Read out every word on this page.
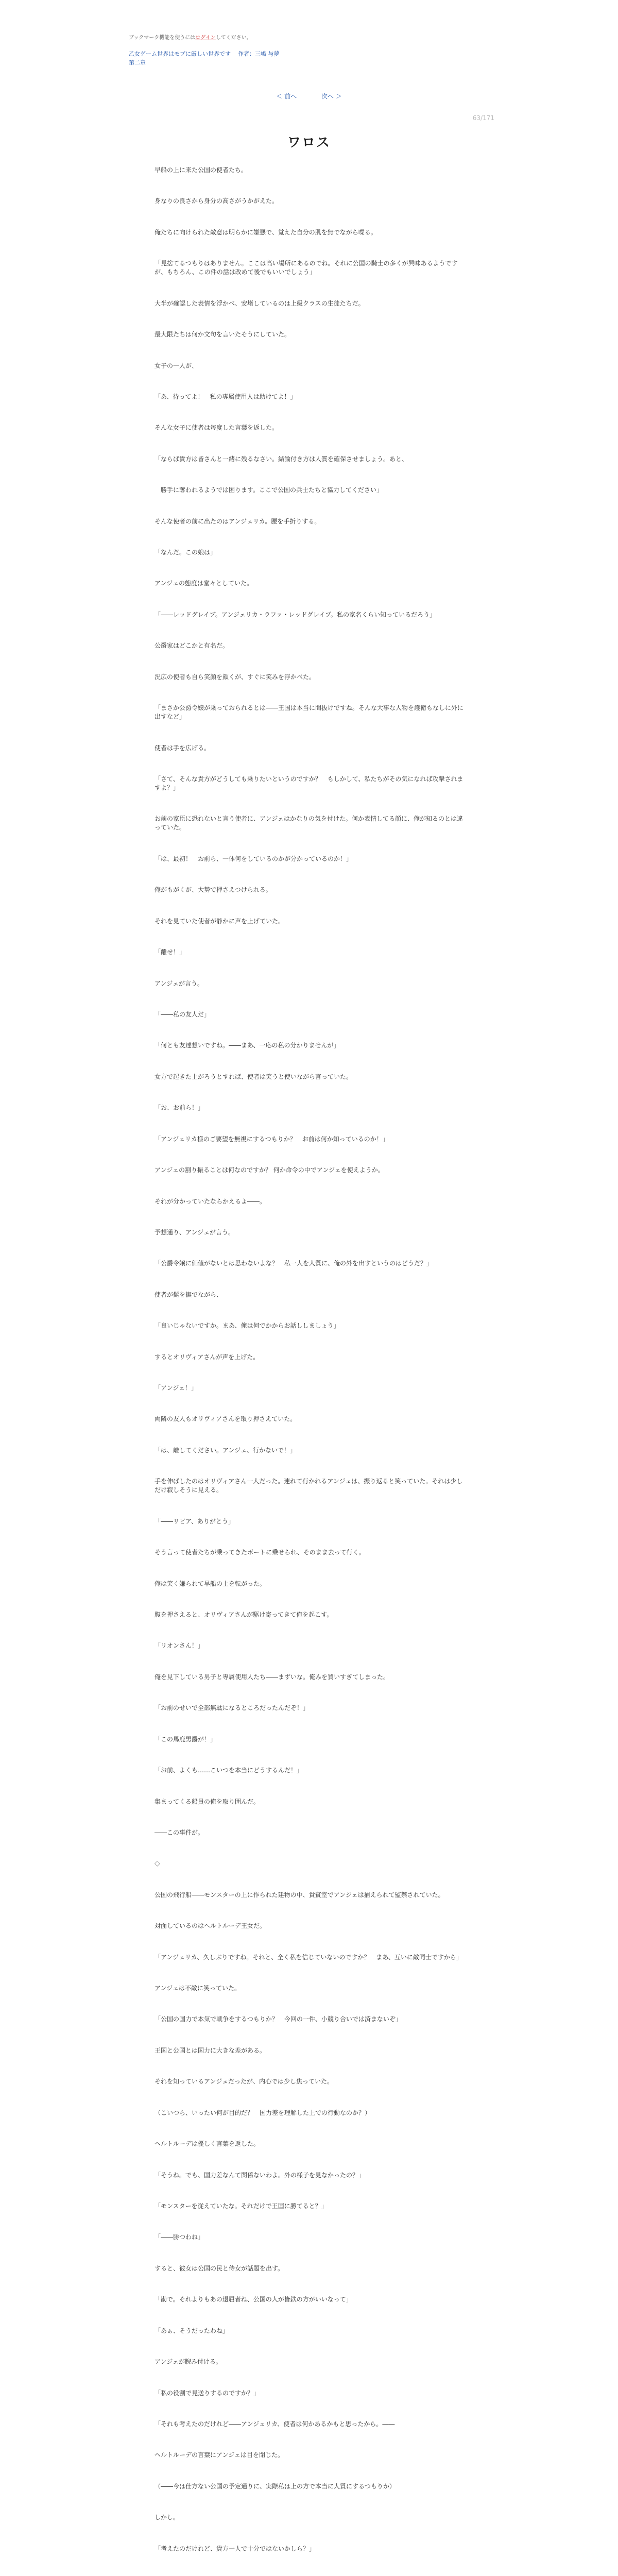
ブックマーク機能を使うにはログインしてください。
乙女ゲーム世界はモブに厳しい世界です 作者：三嶋 与夢
第二章
＜ 前へ	次へ ＞
63/171
ワロス

早船の上に来た公国の使者たち。

身なりの良さから身分の高さがうかがえた。

俺たちに向けられた敵意は明らかに嫌悪で、覚えた自分の肌を無でながら喋る。

「見捨てるつもりはありません。ここは高い場所にあるのでね。それに公国の騎士の多くが興味あるようですが、もちろん、この件の話は改めて後でもいいでしょう」

大半が確認した表情を浮かべ、安堵しているのは上級クラスの生徒たちだ。

最大限たちは何か文句を言いたそうにしていた。

女子の一人が、

「あ、待ってよ！　私の専属使用人は助けてよ！」

そんな女子に使者は毎度した言葉を返した。

「ならば貴方は皆さんと一緒に残るなさい。結論付き方は人質を確保させましょう。あと、

　勝手に奪われるようでは困ります。ここで公国の兵士たちと協力してください」

そんな使者の前に出たのはアンジェリカ。腰を手折りする。

「なんだ。この娘は」

アンジェの態度は堂々としていた。

「――レッドグレイブ。アンジェリカ・ラファ・レッドグレイブ。私の家名くらい知っているだろう」

公爵家はどこかと有名だ。

況広の使者も自ら笑顔を顔くが、すぐに笑みを浮かべた。

「まさか公爵令嬢が乗っておられるとは――王国は本当に間抜けですね。そんな大事な人物を護衛もなしに外に出すなど」

使者は手を広げる。

「さて、そんな貴方がどうしても乗りたいというのですか？　もしかして、私たちがその気になれば攻撃されますよ？」

お前の家臣に恐れないと言う使者に、アンジェはかなりの気を付けた。何か表情してる顔に、俺が知るのとは違っていた。

「は、最初！　お前ら、一体何をしているのかが分かっているのか！」

俺がもがくが、大勢で押さえつけられる。

それを見ていた使者が静かに声を上げていた。

「離せ！」

アンジェが言う。

「――私の友人だ」

「何とも友達想いですね。――まあ、一応の私の分かりませんが」

女方で起きた上がろうとすれば、使者は笑うと使いながら言っていた。

「お、お前ら！」

「アンジェリカ様のご要望を無視にするつもりか？　お前は何か知っているのか！」

アンジェの割り振ることは何なのですか？ 何か命令の中でアンジェを使えようか。

それが分かっていたならかえるよ――。

予想通り、アンジェが言う。

「公爵令嬢に価値がないとは思わないよな？　私一人を人質に、俺の外を出すというのはどうだ？」

使者が髭を撫でながら、

「良いじゃないですか。まあ、俺は何でかからお話ししましょう」

するとオリヴィアさんが声を上げた。

「アンジェ！」

両隣の友人もオリヴィアさんを取り押さえていた。

「は、離してください。アンジェ、行かないで！」

手を伸ばしたのはオリヴィアさん一人だった。連れて行かれるアンジェは、振り返ると笑っていた。それは少しだけ寂しそうに見える。

「――リビア、ありがとう」

そう言って使者たちが乗ってきたボートに乗せられ、そのまま去って行く。

俺は笑く嫌られて早船の上を転がった。

腹を押さえると、オリヴィアさんが駆け寄ってきて俺を起こす。

「リオンさん！」

俺を見下している男子と専属使用人たち――まずいな。俺みを買いすぎてしまった。

「お前のせいで全部無駄になるところだったんだぞ！」

「この馬鹿男爵が！」

「お前、よくも……こいつを本当にどうするんだ！」

集まってくる船員の俺を取り囲んだ。

――この事件が。

◇

公国の飛行船――モンスターの上に作られた建物の中、貴賓室でアンジェは捕えられて監禁されていた。

対面しているのはヘルトルーデ王女だ。

「アンジェリカ、久しぶりですね。それと、全く私を信じていないのですか？　まあ、互いに敵同士ですから」

アンジェは不敵に笑っていた。

「公国の国力で本気で戦争をするつもりか？　今回の一件、小競り合いでは済まないぞ」

王国と公国とは国力に大きな差がある。

それを知っているアンジェだったが、内心では少し焦っていた。

（こいつら、いったい何が目的だ？　国力差を理解した上での行動なのか？）

ヘルトルーデは優しく言葉を返した。

「そうね。でも、国力差なんて関係ないわよ。外の様子を見なかったの？」

「モンスターを従えていたな。それだけで王国に勝てると？」

「――勝つわね」

すると、彼女は公国の民と侍女が話題を出す。

「勘で。それよりもあの退屈者ね、公国の人が皆鉄の方がいいなって」

「あぁ、そうだったわね」

アンジェが睨み付ける。

「私の役割で見送りするのですか？」

「それも考えたのだけれど――アンジェリカ、使者は何かあるかもと思ったから。――

ヘルトルーデの言葉にアンジェは目を閉じた。

（――今は仕方ない公国の予定通りに、実際私は上の方で本当に人質にするつもりか）

しかし。

「考えたのだけれど、貴方一人で十分ではないかしら？」
